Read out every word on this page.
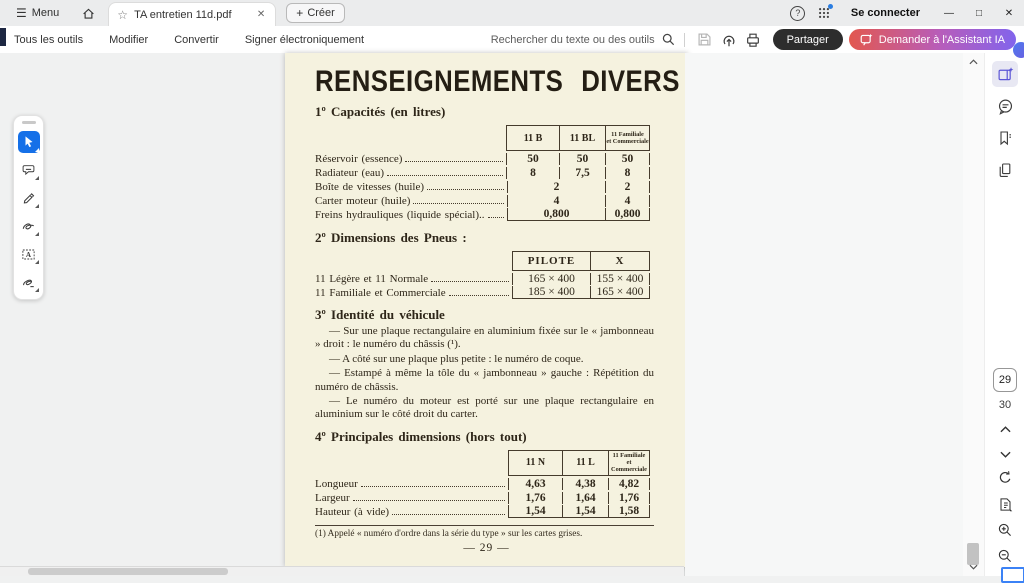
☰ Menu	☆ TA entretien 11d.pdf	✕	+ Créer	?	Se connecter	—	□	✕
Tous les outils Modifier Convertir Signer électroniquement	Rechercher du texte ou des outils	Partager	Demander à l'Assistant IA
RENSEIGNEMENTS DIVERS
1º Capacités (en litres)
11 B	11 BL	11 Familiale
et Commerciale
Réservoir (essence)	50	50	50
Radiateur (eau)	8	7,5	8
Boîte de vitesses (huile)	2	2
Carter moteur (huile)	4	4
Freins hydrauliques (liquide spécial)..	0,800	0,800
2º Dimensions des Pneus :
PILOTE	X
11 Légère et 11 Normale	165 × 400	155 × 400
11 Familiale et Commerciale	185 × 400	165 × 400
3º Identité du véhicule

— Sur une plaque rectangulaire en aluminium fixée sur le « jambonneau » droit : le numéro du châssis (¹).

— A côté sur une plaque plus petite : le numéro de coque.

— Estampé à même la tôle du « jambonneau » gauche : Répétition du numéro de châssis.

— Le numéro du moteur est porté sur une plaque rectangulaire en aluminium sur le côté droit du carter.

4º Principales dimensions (hors tout)
11 N	11 L
11 Familiale
et Commerciale
Longueur	4,63	4,38	4,82
Largeur	1,76	1,64	1,76
Hauteur (à vide)	1,54	1,54	1,58
(1) Appelé « numéro d'ordre dans la série du type » sur les cartes grises.
— 29 —
A
29
30
